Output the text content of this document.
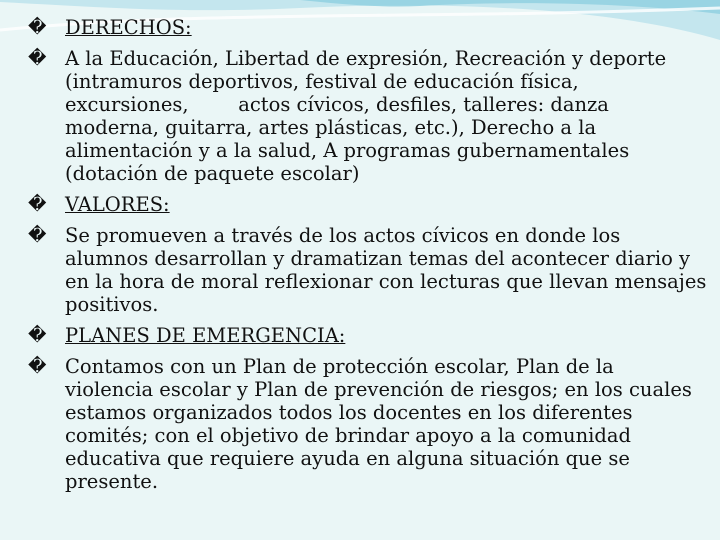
� DERECHOS:

� A la Educación, Libertad de expresión, Recreación y deporte (intramuros deportivos, festival de educación física, excursiones,        actos cívicos, desfiles, talleres: danza moderna, guitarra, artes plásticas, etc.), Derecho a la alimentación y a la salud, A programas gubernamentales (dotación de paquete escolar)

� VALORES:

� Se promueven a través de los actos cívicos en donde los alumnos desarrollan y dramatizan temas del acontecer diario y en la hora de moral reflexionar con lecturas que llevan mensajes positivos.

� PLANES DE EMERGENCIA:

� Contamos con un Plan de protección escolar, Plan de la violencia escolar y Plan de prevención de riesgos; en los cuales estamos organizados todos los docentes en los diferentes comités; con el objetivo de brindar apoyo a la comunidad educativa que requiere ayuda en alguna situación que se presente.
